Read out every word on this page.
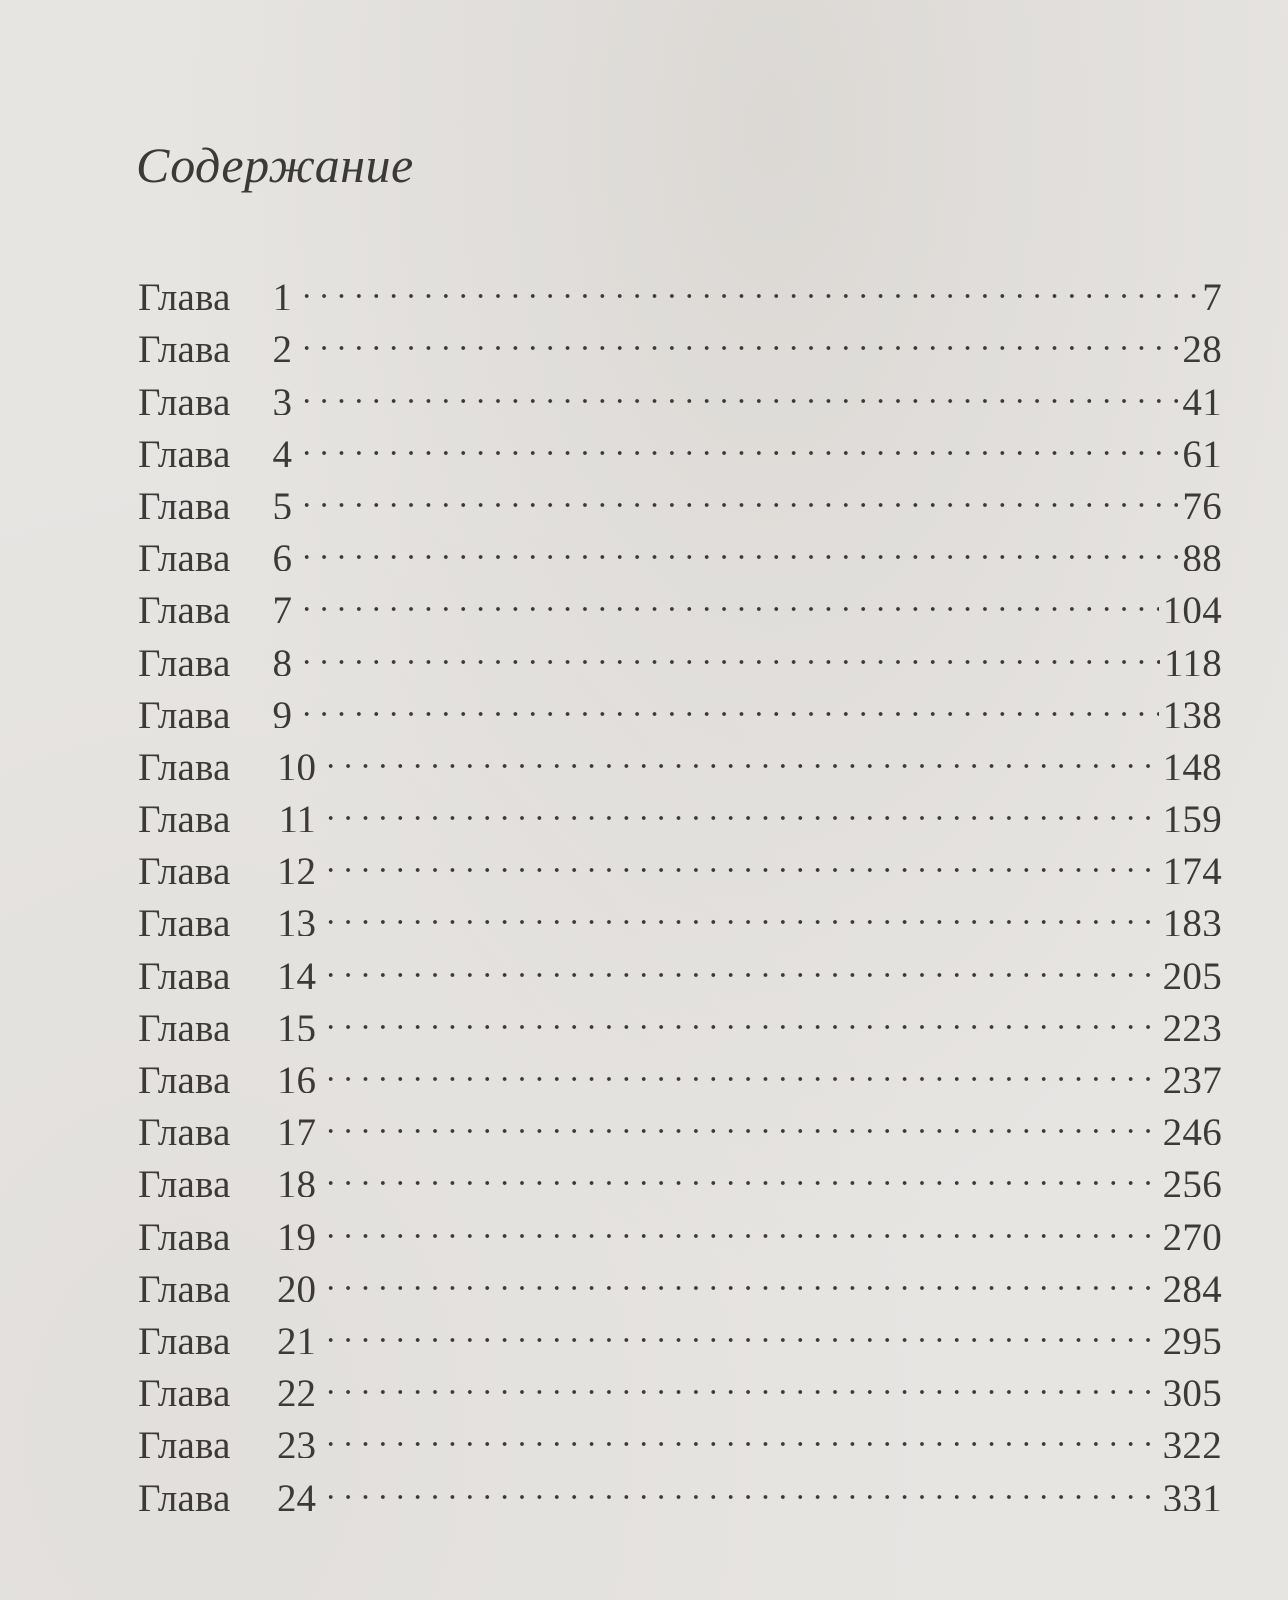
Содержание
Глава	1	7
Глава	2	28
Глава	3	41
Глава	4	61
Глава	5	76
Глава	6	88
Глава	7	104
Глава	8	118
Глава	9	138
Глава	10	148
Глава	11	159
Глава	12	174
Глава	13	183
Глава	14	205
Глава	15	223
Глава	16	237
Глава	17	246
Глава	18	256
Глава	19	270
Глава	20	284
Глава	21	295
Глава	22	305
Глава	23	322
Глава	24	331
